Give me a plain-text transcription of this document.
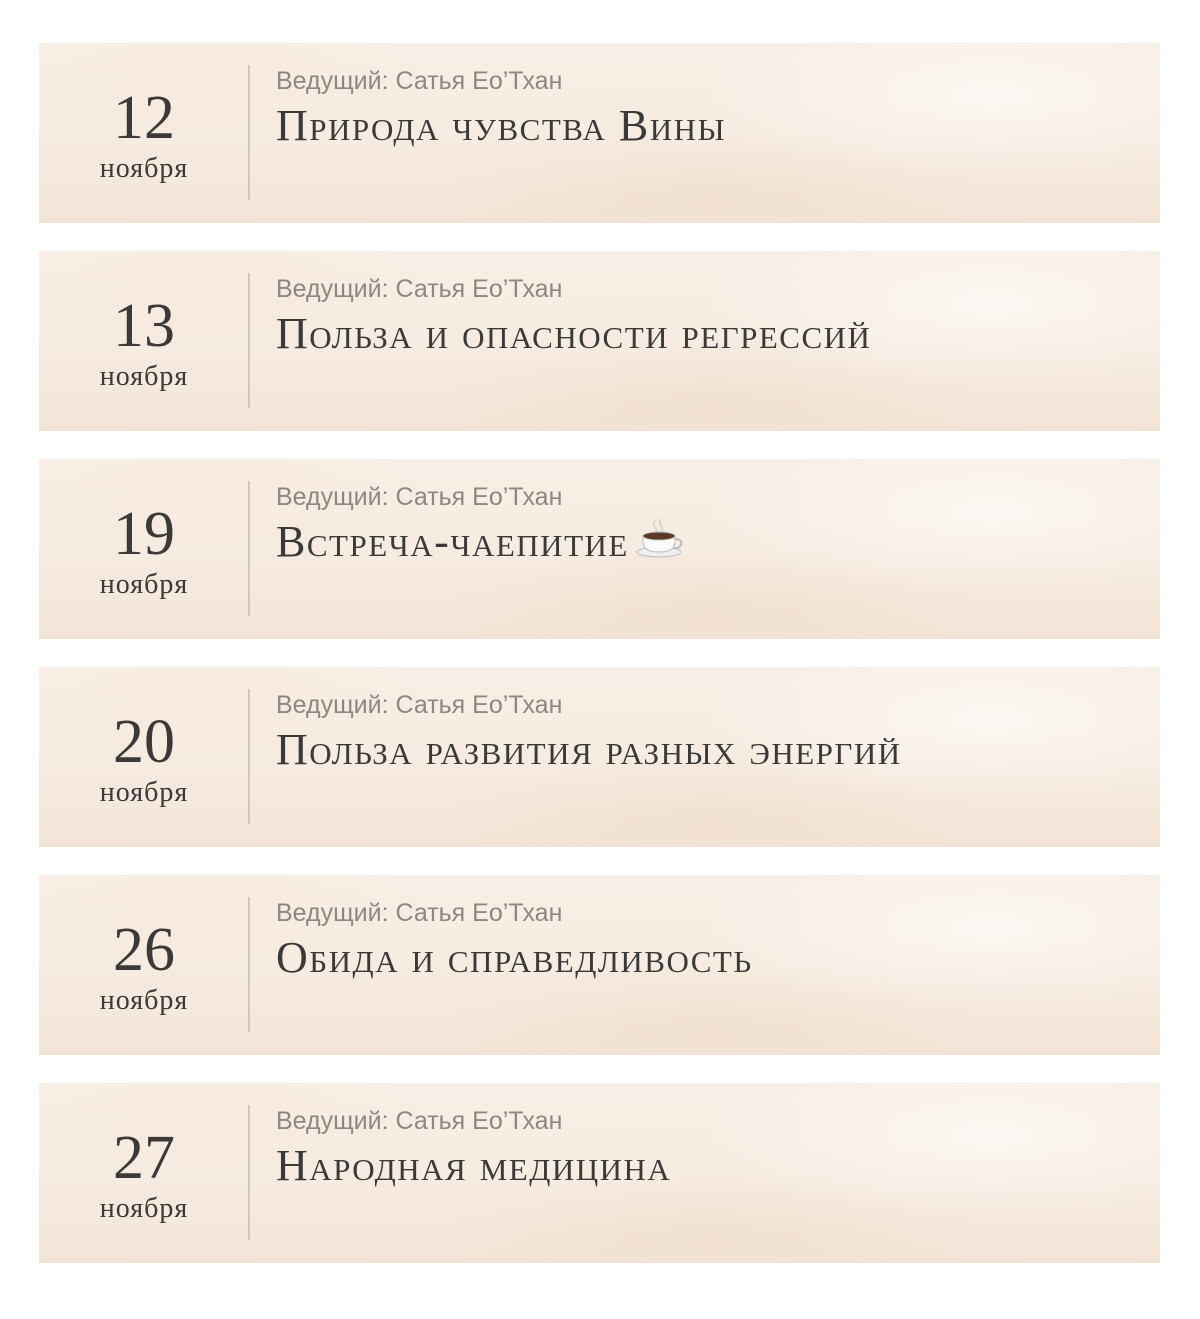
12
ноября
Ведущий: Сатья Ео’Тхан
Природа чувства Вины
13
ноября
Ведущий: Сатья Ео’Тхан
Польза и опасности регрессий
19
ноября
Ведущий: Сатья Ео’Тхан
Встреча-чаепитие
20
ноября
Ведущий: Сатья Ео’Тхан
Польза развития разных энергий
26
ноября
Ведущий: Сатья Ео’Тхан
Обида и справедливость
27
ноября
Ведущий: Сатья Ео’Тхан
Народная медицина
